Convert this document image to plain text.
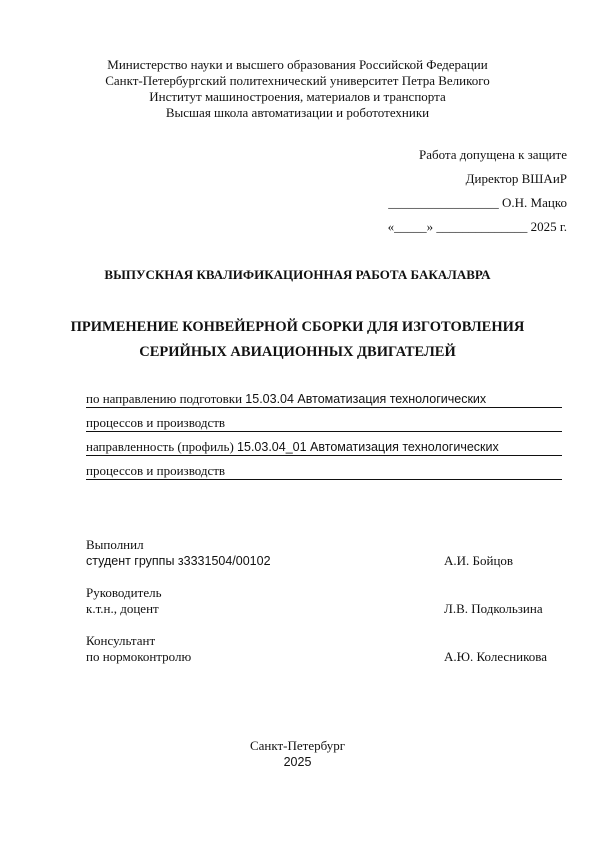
Министерство науки и высшего образования Российской Федерации
Санкт-Петербургский политехнический университет Петра Великого
Институт машиностроения, материалов и транспорта
Высшая школа автоматизации и робототехники
Работа допущена к защите
Директор ВШАиР
_________________ О.Н. Мацко
«_____» ______________ 2025 г.
ВЫПУСКНАЯ КВАЛИФИКАЦИОННАЯ РАБОТА БАКАЛАВРА
ПРИМЕНЕНИЕ КОНВЕЙЕРНОЙ СБОРКИ ДЛЯ ИЗГОТОВЛЕНИЯ
СЕРИЙНЫХ АВИАЦИОННЫХ ДВИГАТЕЛЕЙ
по направлению подготовки 15.03.04 Автоматизация технологических
процессов и производств
направленность (профиль) 15.03.04_01 Автоматизация технологических
процессов и производств
Выполнил
студент группы з3331504/00102	А.И. Бойцов
Руководитель
к.т.н., доцент	Л.В. Подкользина
Консультант
по нормоконтролю	А.Ю. Колесникова
Санкт-Петербург
2025
